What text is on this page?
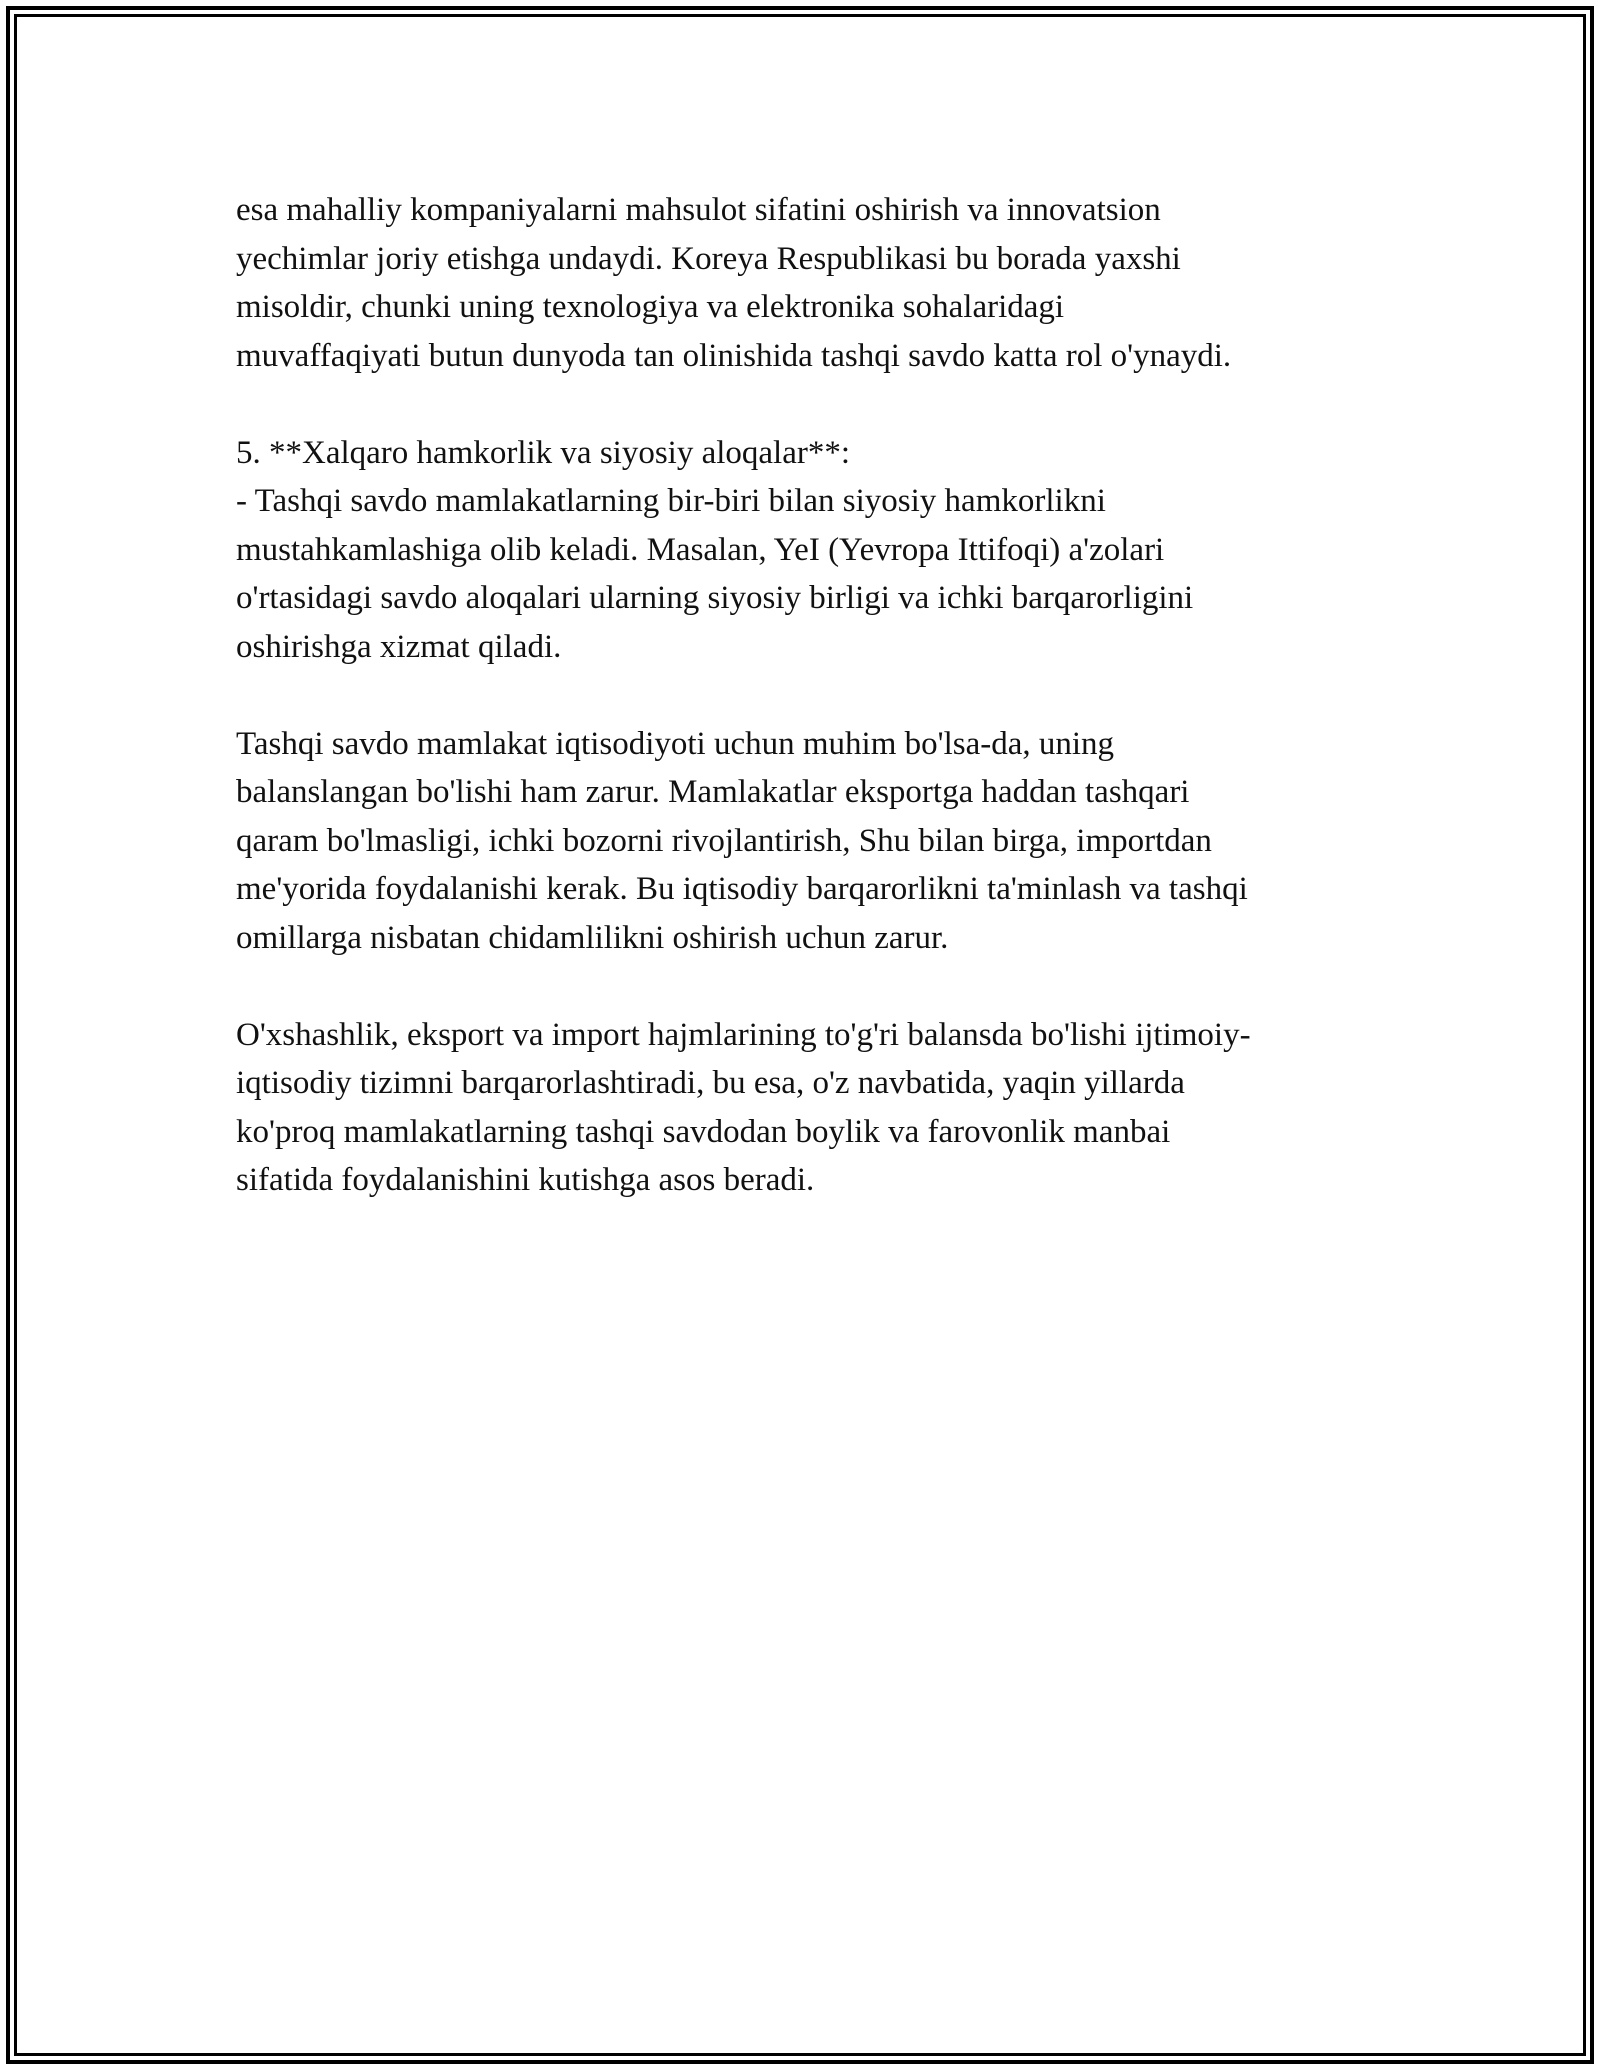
esa mahalliy kompaniyalarni mahsulot sifatini oshirish va innovatsion
yechimlar joriy etishga undaydi. Koreya Respublikasi bu borada yaxshi
misoldir, chunki uning texnologiya va elektronika sohalaridagi
muvaffaqiyati butun dunyoda tan olinishida tashqi savdo katta rol o'ynaydi.

5. **Xalqaro hamkorlik va siyosiy aloqalar**:
- Tashqi savdo mamlakatlarning bir-biri bilan siyosiy hamkorlikni
mustahkamlashiga olib keladi. Masalan, YeI (Yevropa Ittifoqi) a'zolari
o'rtasidagi savdo aloqalari ularning siyosiy birligi va ichki barqarorligini
oshirishga xizmat qiladi.

Tashqi savdo mamlakat iqtisodiyoti uchun muhim bo'lsa-da, uning
balanslangan bo'lishi ham zarur. Mamlakatlar eksportga haddan tashqari
qaram bo'lmasligi, ichki bozorni rivojlantirish, Shu bilan birga, importdan
me'yorida foydalanishi kerak. Bu iqtisodiy barqarorlikni ta'minlash va tashqi
omillarga nisbatan chidamlilikni oshirish uchun zarur.

O'xshashlik, eksport va import hajmlarining to'g'ri balansda bo'lishi ijtimoiy-
iqtisodiy tizimni barqarorlashtiradi, bu esa, o'z navbatida, yaqin yillarda
ko'proq mamlakatlarning tashqi savdodan boylik va farovonlik manbai
sifatida foydalanishini kutishga asos beradi.
